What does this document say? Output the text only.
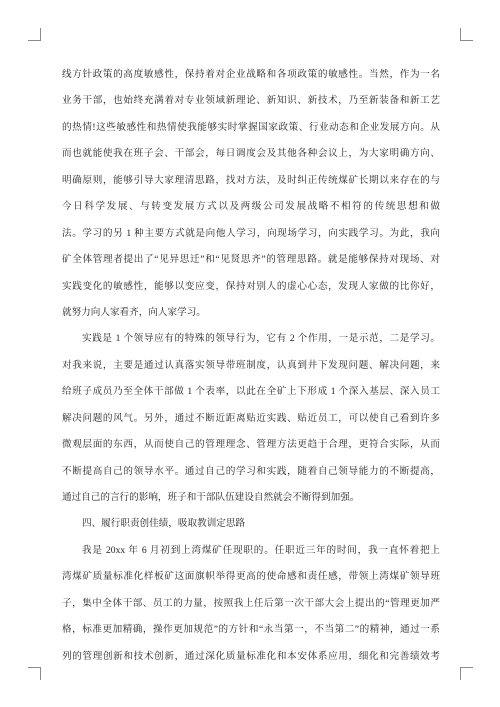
线方针政策的高度敏感性，保持着对企业战略和各项政策的敏感性。当然，作为一名
业务干部，也始终充满着对专业领域新理论、新知识、新技术，乃至新装备和新工艺
的热情!这些敏感性和热情使我能够实时掌握国家政策、行业动态和企业发展方向。从
而也就能使我在班子会、干部会，每日调度会及其他各种会议上，为大家明确方向、
明确原则，能够引导大家理清思路，找对方法，及时纠正传统煤矿长期以来存在的与
今日科学发展、与转变发展方式以及两级公司发展战略不相符的传统思想和做
法。学习的另 1 种主要方式就是向他人学习，向现场学习，向实践学习。为此，我向
矿全体管理者提出了“见异思迁”和“见贤思齐”的管理思路。就是能够保持对现场、对
实践变化的敏感性，能够以变应变，保持对别人的虚心心态，发现人家做的比你好，
就努力向人家看齐，向人家学习。
实践是 1 个领导应有的特殊的领导行为，它有 2 个作用，一是示范，二是学习。
对我来说，主要是通过认真落实领导带班制度，认真到井下发现问题、解决问题，来
给班子成员乃至全体干部做 1 个表率，以此在全矿上下形成 1 个深入基层、深入员工
解决问题的风气。另外，通过不断近距离贴近实践、贴近员工，可以使自己看到许多
微观层面的东西，从而使自己的管理理念、管理方法更趋于合理，更符合实际，从而
不断提高自己的领导水平。通过自己的学习和实践，随着自己领导能力的不断提高，
通过自己的言行的影响，班子和干部队伍建设自然就会不断得到加强。
四、履行职责创佳绩，吸取教训定思路
我是 20xx 年 6 月初到上湾煤矿任现职的。任职近三年的时间，我一直怀着把上
湾煤矿质量标准化样板矿这面旗帜举得更高的使命感和责任感，带领上湾煤矿领导班
子，集中全体干部、员工的力量，按照我上任后第一次干部大会上提出的“管理更加严
格，标准更加精确，操作更加规范”的方针和“永当第一，不当第二”的精神，通过一系
列的管理创新和技术创新，通过深化质量标准化和本安体系应用，细化和完善绩效考
